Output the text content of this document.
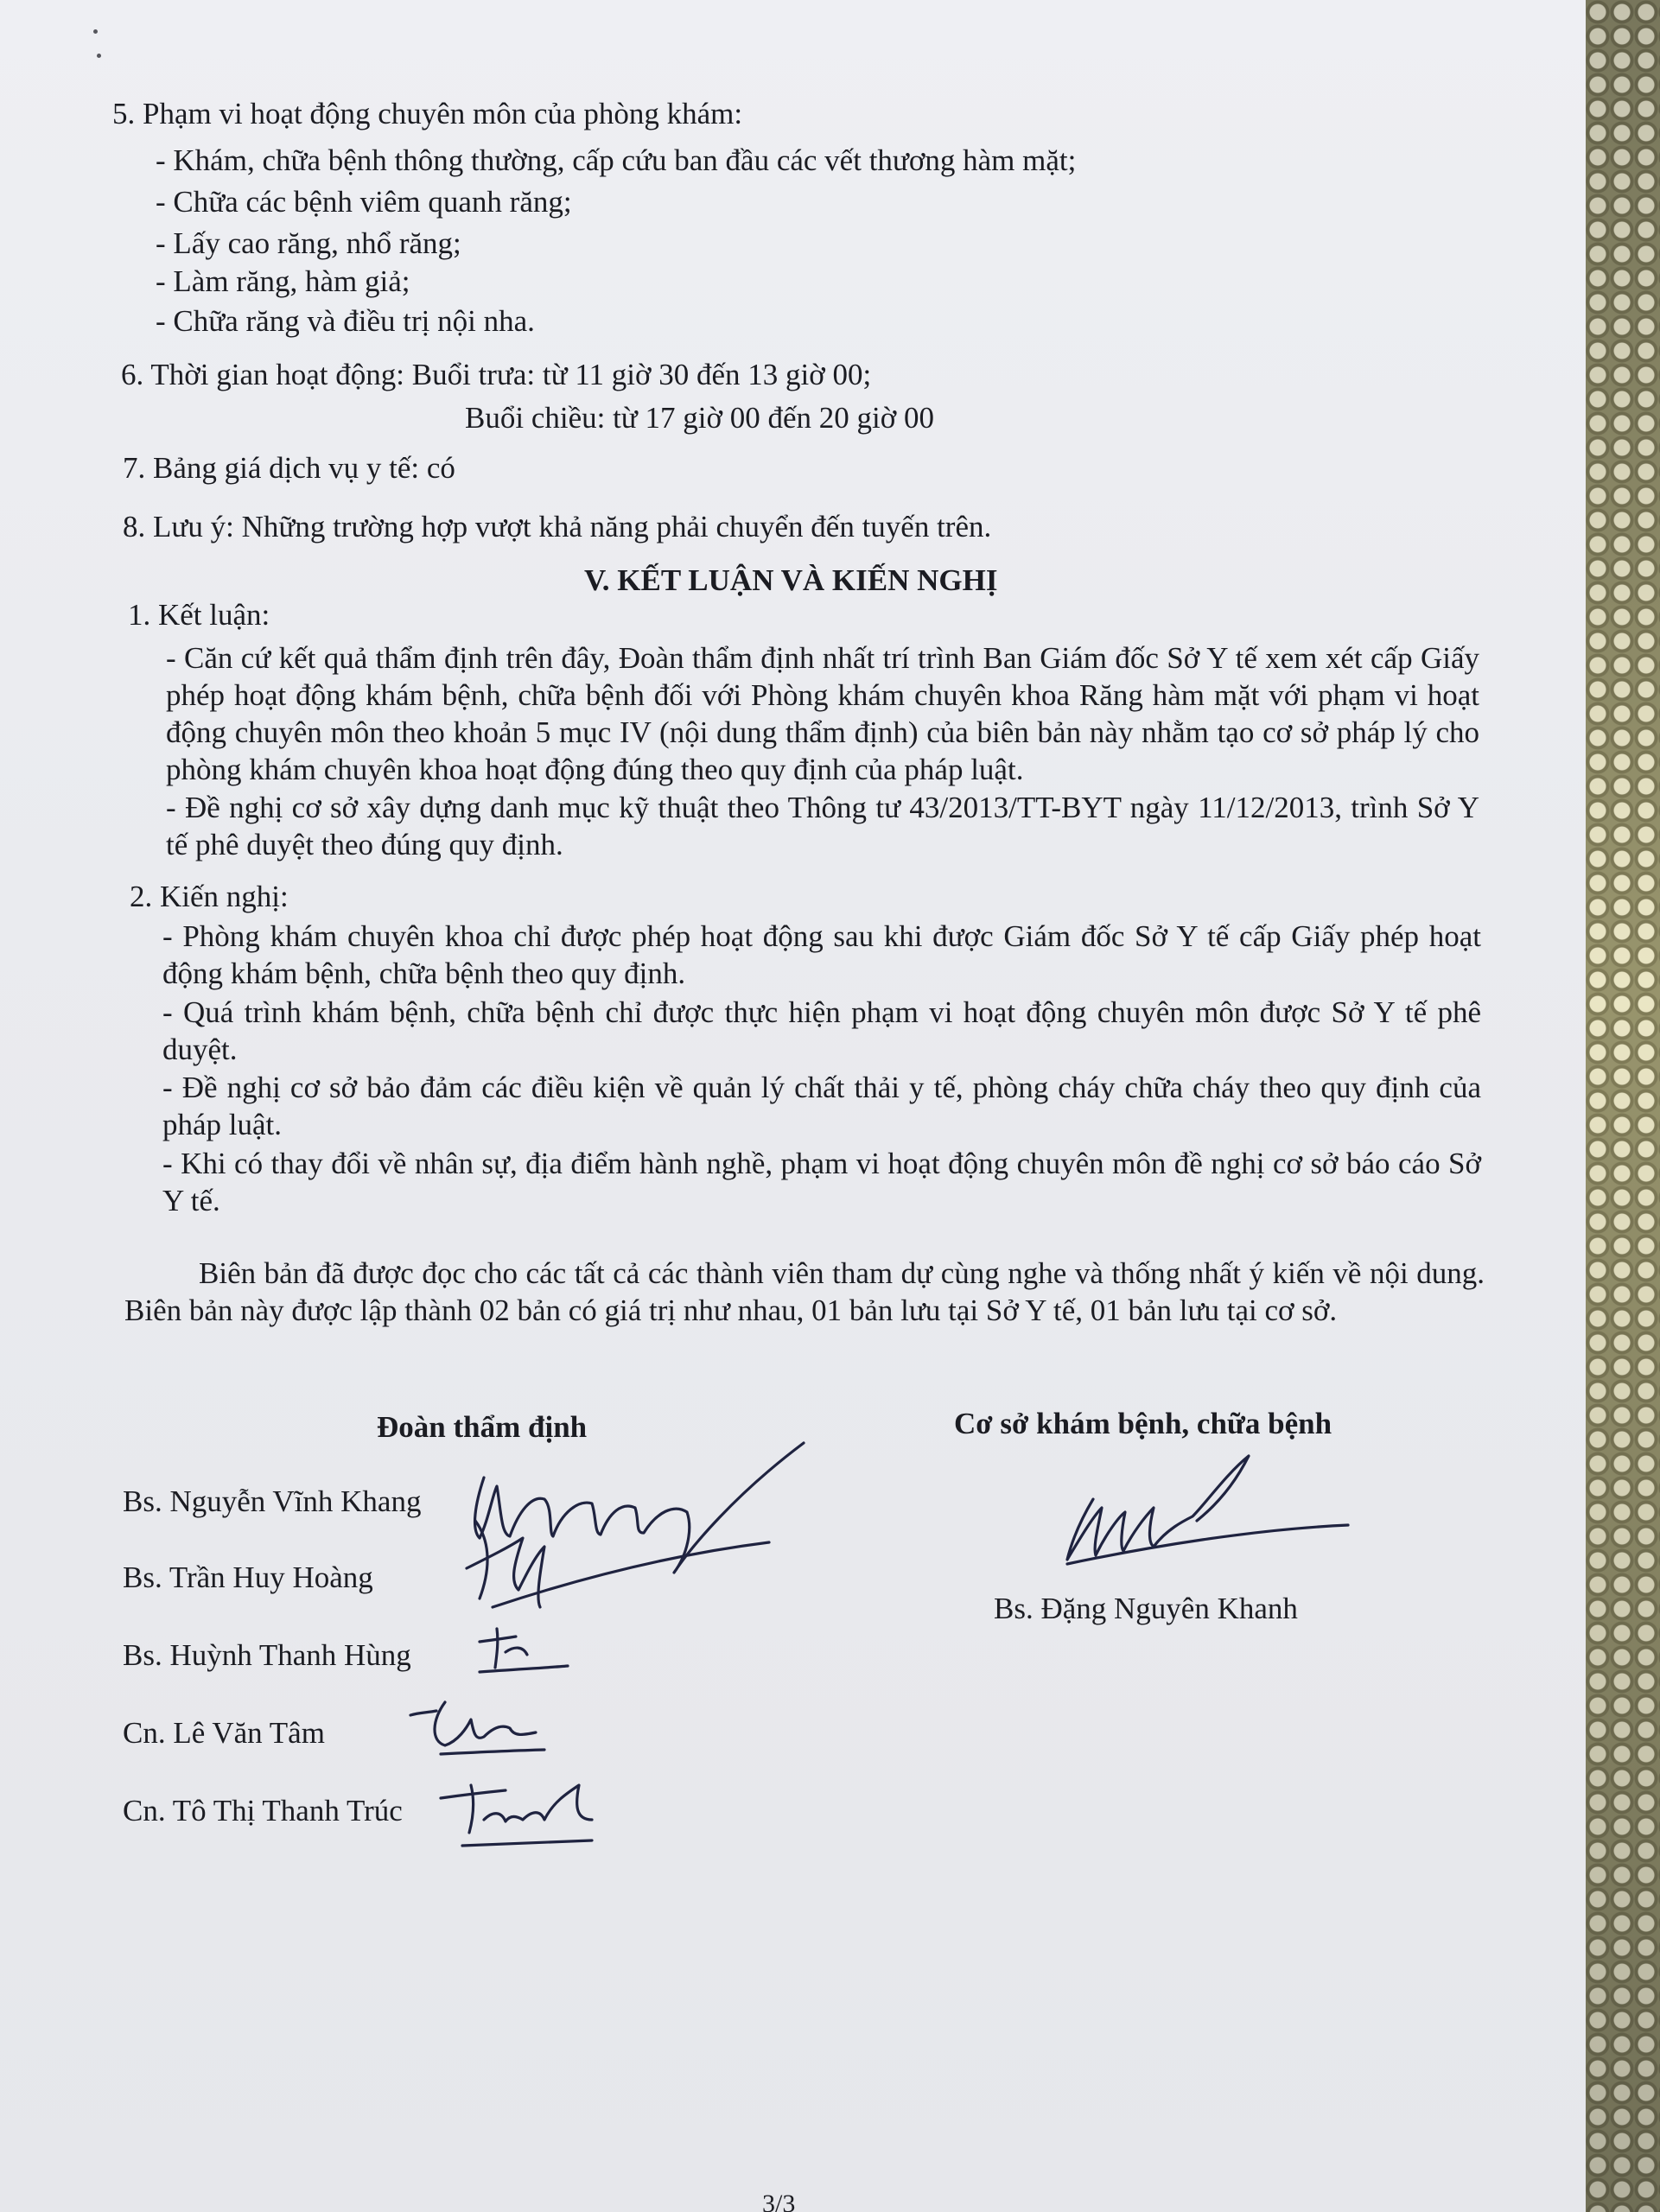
5. Phạm vi hoạt động chuyên môn của phòng khám:
- Khám, chữa bệnh thông thường, cấp cứu ban đầu các vết thương hàm mặt;
- Chữa các bệnh viêm quanh răng;
- Lấy cao răng, nhổ răng;
- Làm răng, hàm giả;
- Chữa răng và điều trị nội nha.
6. Thời gian hoạt động: Buổi trưa: từ 11 giờ 30 đến 13 giờ 00;
Buổi chiều: từ 17 giờ 00 đến 20 giờ 00
7. Bảng giá dịch vụ y tế: có
8. Lưu ý: Những trường hợp vượt khả năng phải chuyển đến tuyến trên.
V. KẾT LUẬN VÀ KIẾN NGHỊ
1. Kết luận:
- Căn cứ kết quả thẩm định trên đây, Đoàn thẩm định nhất trí trình Ban Giám đốc Sở Y tế xem xét cấp Giấy phép hoạt động khám bệnh, chữa bệnh đối với Phòng khám chuyên khoa Răng hàm mặt với phạm vi hoạt động chuyên môn theo khoản 5 mục IV (nội dung thẩm định) của biên bản này nhằm tạo cơ sở pháp lý cho phòng khám chuyên khoa hoạt động đúng theo quy định của pháp luật.
- Đề nghị cơ sở xây dựng danh mục kỹ thuật theo Thông tư 43/2013/TT-BYT ngày 11/12/2013, trình Sở Y tế phê duyệt theo đúng quy định.
2. Kiến nghị:
- Phòng khám chuyên khoa chỉ được phép hoạt động sau khi được Giám đốc Sở Y tế cấp Giấy phép hoạt động khám bệnh, chữa bệnh theo quy định.
- Quá trình khám bệnh, chữa bệnh chỉ được thực hiện phạm vi hoạt động chuyên môn được Sở Y tế phê duyệt.
- Đề nghị cơ sở bảo đảm các điều kiện về quản lý chất thải y tế, phòng cháy chữa cháy theo quy định của pháp luật.
- Khi có thay đổi về nhân sự, địa điểm hành nghề, phạm vi hoạt động chuyên môn đề nghị cơ sở báo cáo Sở Y tế.
Biên bản đã được đọc cho các tất cả các thành viên tham dự cùng nghe và thống nhất ý kiến về nội dung. Biên bản này được lập thành 02 bản có giá trị như nhau, 01 bản lưu tại Sở Y tế, 01 bản lưu tại cơ sở.
Đoàn thẩm định	Cơ sở khám bệnh, chữa bệnh
Bs. Nguyễn Vĩnh Khang
Bs. Trần Huy Hoàng
Bs. Huỳnh Thanh Hùng
Cn. Lê Văn Tâm
Cn. Tô Thị Thanh Trúc
Bs. Đặng Nguyên Khanh
3/3
